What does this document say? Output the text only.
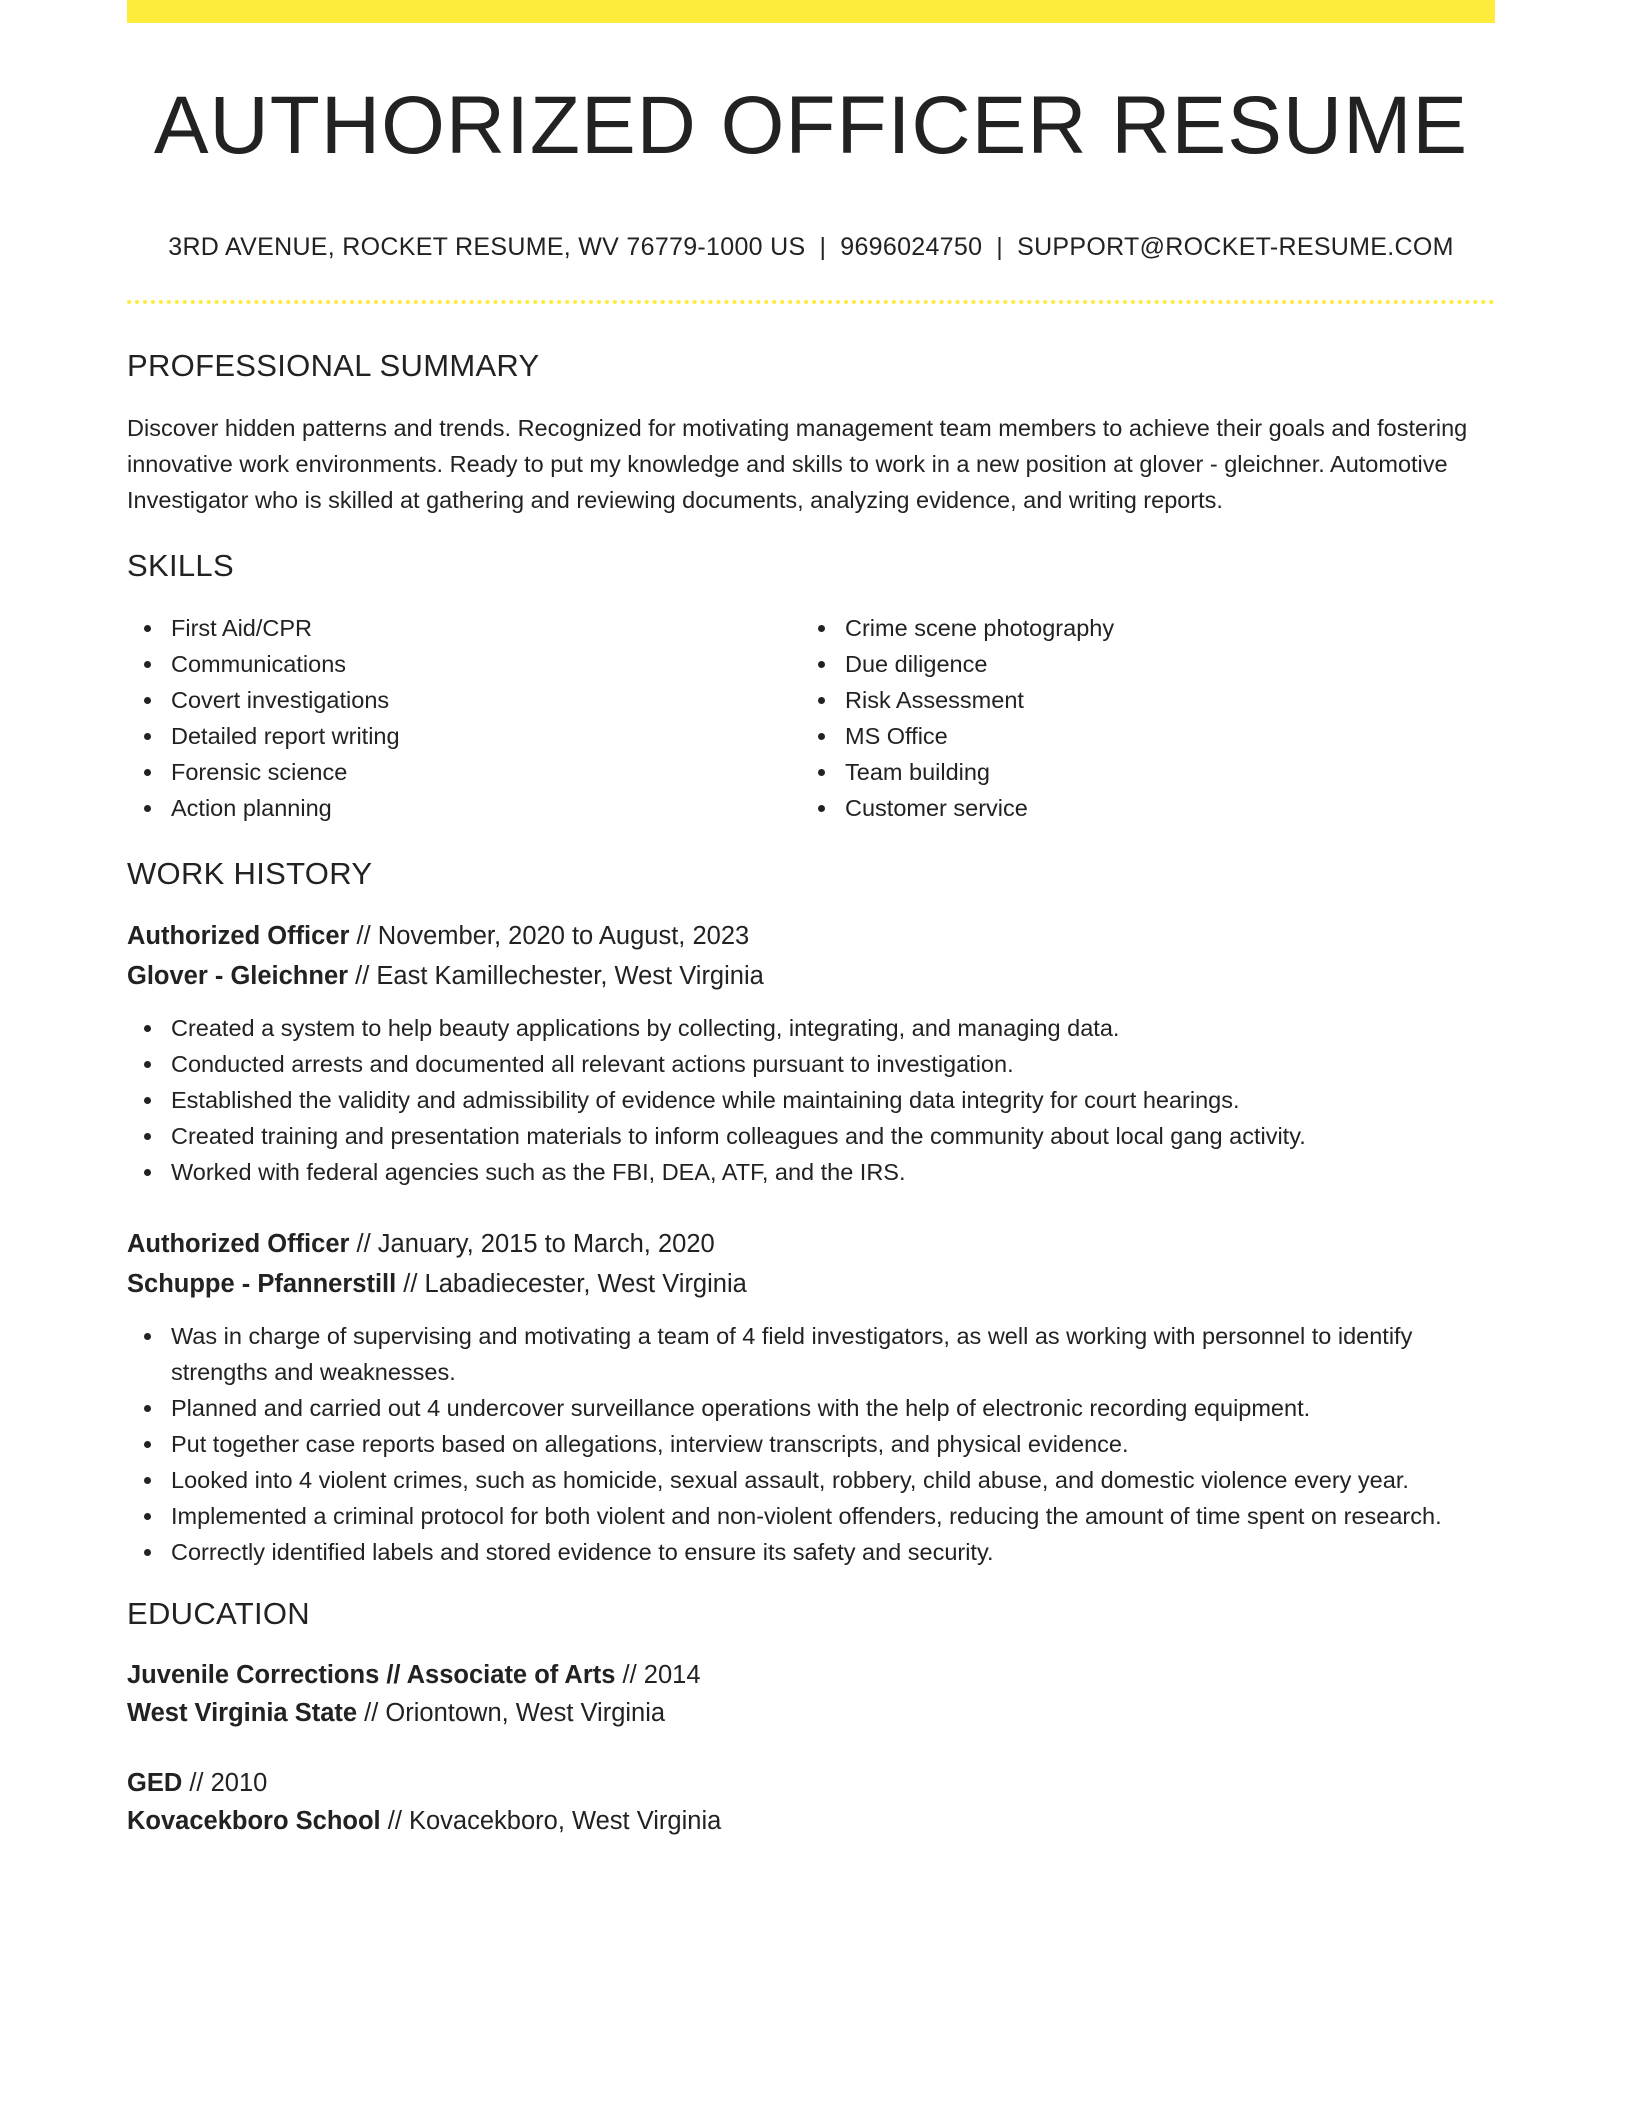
AUTHORIZED OFFICER RESUME
3RD AVENUE, ROCKET RESUME, WV 76779-1000 US | 9696024750 | SUPPORT@ROCKET-RESUME.COM
PROFESSIONAL SUMMARY

Discover hidden patterns and trends. Recognized for motivating management team members to achieve their goals and fostering innovative work environments. Ready to put my knowledge and skills to work in a new position at glover - gleichner. Automotive Investigator who is skilled at gathering and reviewing documents, analyzing evidence, and writing reports.

SKILLS
First Aid/CPR
Communications
Covert investigations
Detailed report writing
Forensic science
Action planning
Crime scene photography
Due diligence
Risk Assessment
MS Office
Team building
Customer service
WORK HISTORY
Authorized Officer // November, 2020 to August, 2023
Glover - Gleichner // East Kamillechester, West Virginia
Created a system to help beauty applications by collecting, integrating, and managing data.
Conducted arrests and documented all relevant actions pursuant to investigation.
Established the validity and admissibility of evidence while maintaining data integrity for court hearings.
Created training and presentation materials to inform colleagues and the community about local gang activity.
Worked with federal agencies such as the FBI, DEA, ATF, and the IRS.
Authorized Officer // January, 2015 to March, 2020
Schuppe - Pfannerstill // Labadiecester, West Virginia
Was in charge of supervising and motivating a team of 4 field investigators, as well as working with personnel to identify strengths and weaknesses.
Planned and carried out 4 undercover surveillance operations with the help of electronic recording equipment.
Put together case reports based on allegations, interview transcripts, and physical evidence.
Looked into 4 violent crimes, such as homicide, sexual assault, robbery, child abuse, and domestic violence every year.
Implemented a criminal protocol for both violent and non-violent offenders, reducing the amount of time spent on research.
Correctly identified labels and stored evidence to ensure its safety and security.
EDUCATION
Juvenile Corrections // Associate of Arts // 2014
West Virginia State // Oriontown, West Virginia
GED // 2010
Kovacekboro School // Kovacekboro, West Virginia
